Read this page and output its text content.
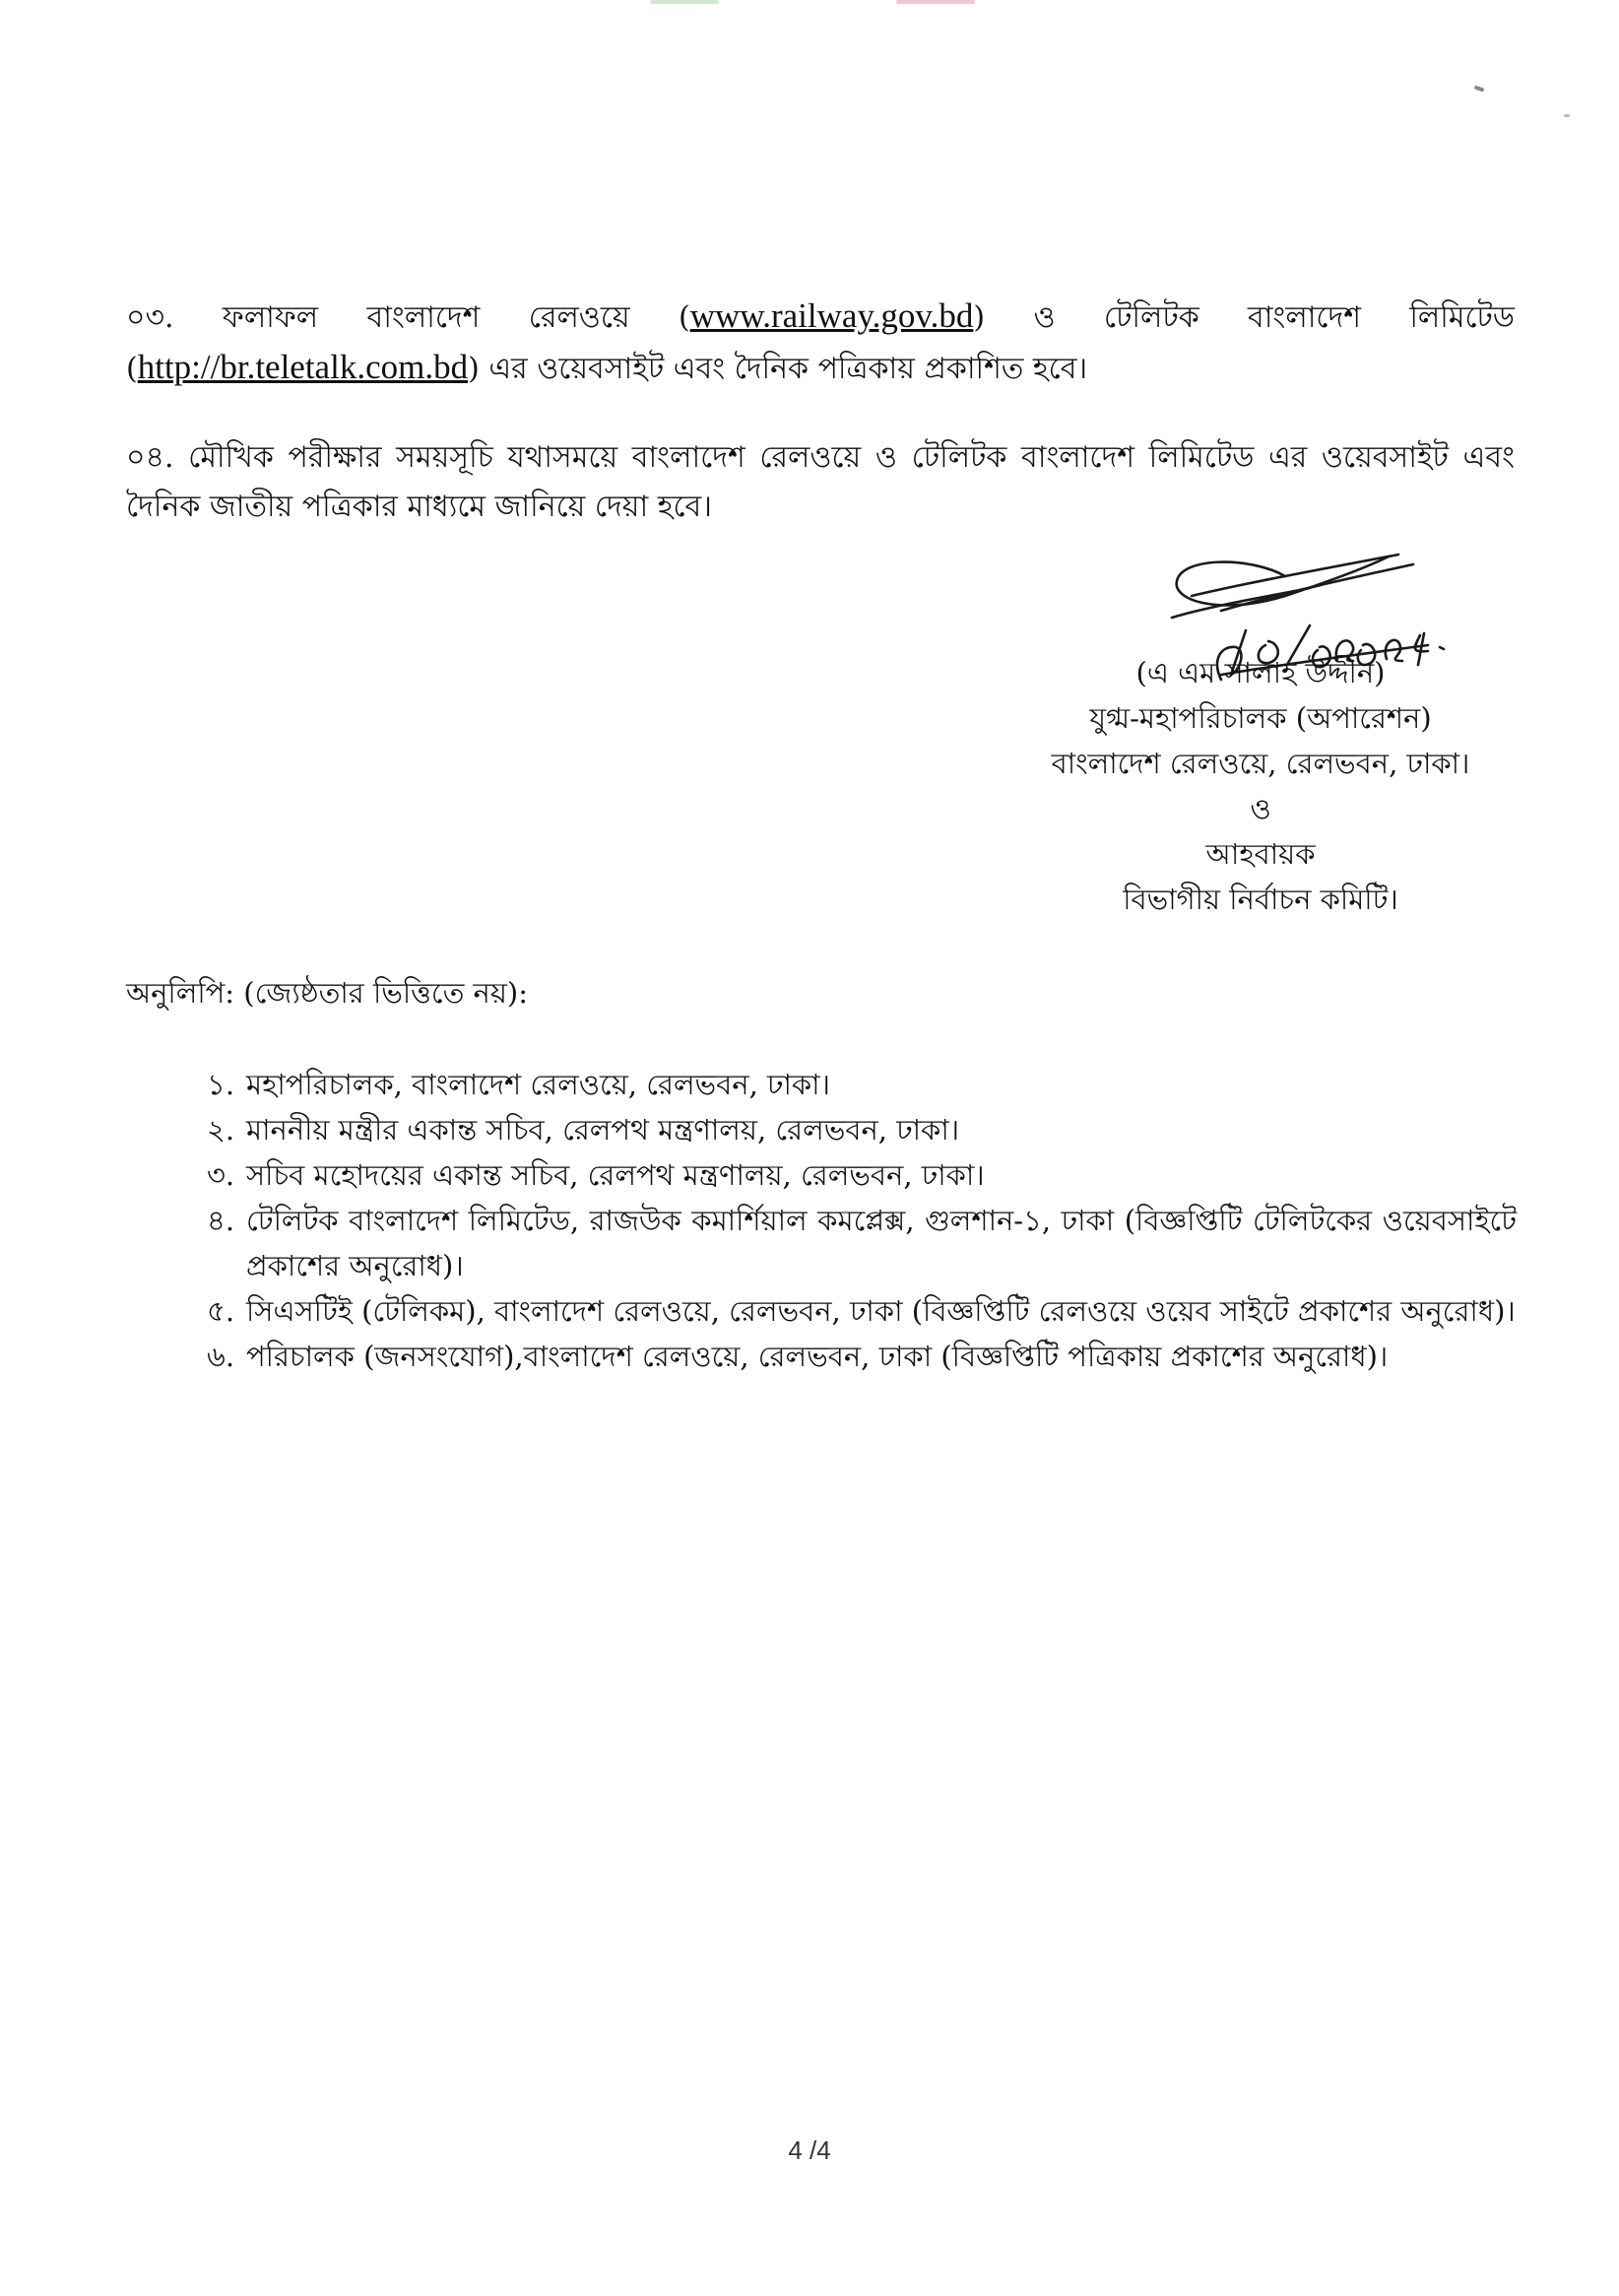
০৩. ফলাফল বাংলাদেশ রেলওয়ে (www.railway.gov.bd) ও টেলিটক বাংলাদেশ লিমিটেড (http://br.teletalk.com.bd) এর ওয়েবসাইট এবং দৈনিক পত্রিকায় প্রকাশিত হবে।

০৪. মৌখিক পরীক্ষার সময়সূচি যথাসময়ে বাংলাদেশ রেলওয়ে ও টেলিটক বাংলাদেশ লিমিটেড এর ওয়েবসাইট এবং দৈনিক জাতীয় পত্রিকার মাধ্যমে জানিয়ে দেয়া হবে।

(এ এম সালাহ উদ্দীন)
যুগ্ম-মহাপরিচালক (অপারেশন)
বাংলাদেশ রেলওয়ে, রেলভবন, ঢাকা।
ও
আহবায়ক
বিভাগীয় নির্বাচন কমিটি।
অনুলিপি: (জ্যেষ্ঠতার ভিত্তিতে নয়):
১. মহাপরিচালক, বাংলাদেশ রেলওয়ে, রেলভবন, ঢাকা।
২. মাননীয় মন্ত্রীর একান্ত সচিব, রেলপথ মন্ত্রণালয়, রেলভবন, ঢাকা।
৩. সচিব মহোদয়ের একান্ত সচিব, রেলপথ মন্ত্রণালয়, রেলভবন, ঢাকা।
৪. টেলিটক বাংলাদেশ লিমিটেড, রাজউক কমার্শিয়াল কমপ্লেক্স, গুলশান-১, ঢাকা (বিজ্ঞপ্তিটি টেলিটকের ওয়েবসাইটে প্রকাশের অনুরোধ)।
৫. সিএসটিই (টেলিকম), বাংলাদেশ রেলওয়ে, রেলভবন, ঢাকা (বিজ্ঞপ্তিটি রেলওয়ে ওয়েব সাইটে প্রকাশের অনুরোধ)।
৬. পরিচালক (জনসংযোগ),বাংলাদেশ রেলওয়ে, রেলভবন, ঢাকা (বিজ্ঞপ্তিটি পত্রিকায় প্রকাশের অনুরোধ)।
4 /4
